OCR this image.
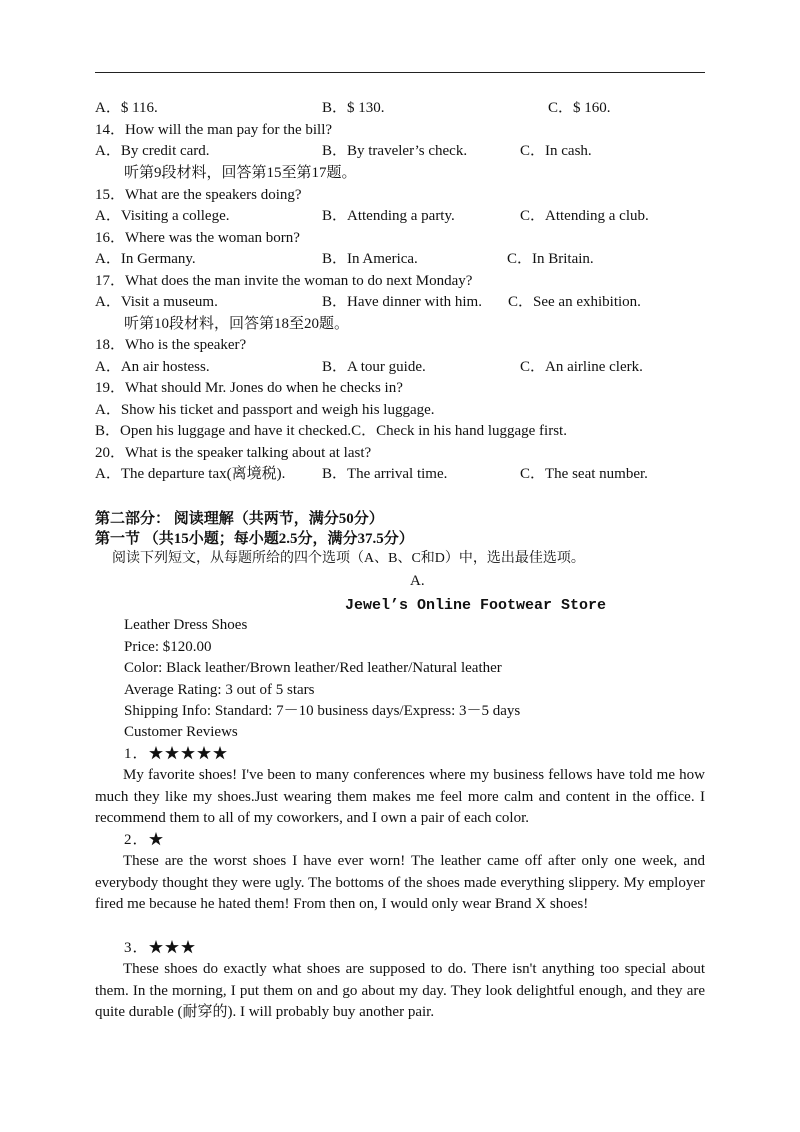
A．$ 116.	B．$ 130.	C．$ 160.
14．How will the man pay for the bill?
A．By credit card.	B．By traveler’s check.	C．In cash.
听第9段材料，回答第15至第17题。
15．What are the speakers doing?
A．Visiting a college.	B．Attending a party.	C．Attending a club.
16．Where was the woman born?
A．In Germany.	B．In America.	C．In Britain.
17．What does the man invite the woman to do next Monday?
A．Visit a museum.	B．Have dinner with him. C．See an exhibition.
听第10段材料，回答第18至20题。
18．Who is the speaker?
A．An air hostess.	B．A tour guide.	C．An airline clerk.
19．What should Mr. Jones do when he checks in?
A．Show his ticket and passport and weigh his luggage.
B．Open his luggage and have it checked.C．Check in his hand luggage first.
20．What is the speaker talking about at last?
A．The departure tax(离境税). B．The arrival time.	C．The seat number.
第二部分： 阅读理解（共两节，满分50分）
第一节 （共15小题；每小题2.5分，满分37.5分）
阅读下列短文，从每题所给的四个选项（A、B、C和D）中，选出最佳选项。
A.
Jewel’s Online Footwear Store
Leather Dress Shoes
Price: $120.00
Color: Black leather/Brown leather/Red leather/Natural leather
Average Rating: 3 out of 5 stars
Shipping Info: Standard: 7－10 business days/Express: 3－5 days
Customer Reviews
1．★★★★★
My favorite shoes! I've been to many conferences where my business fellows have told me how much they like my shoes.Just wearing them makes me feel more calm and content in the office. I recommend them to all of my coworkers, and I own a pair of each color.
2．★
These are the worst shoes I have ever worn! The leather came off after only one week, and everybody thought they were ugly. The bottoms of the shoes made everything slippery. My employer fired me because he hated them! From then on, I would only wear Brand X shoes!
3．★★★
These shoes do exactly what shoes are supposed to do. There isn't anything too special about them. In the morning, I put them on and go about my day. They look delightful enough, and they are quite durable (耐穿的). I will probably buy another pair.
